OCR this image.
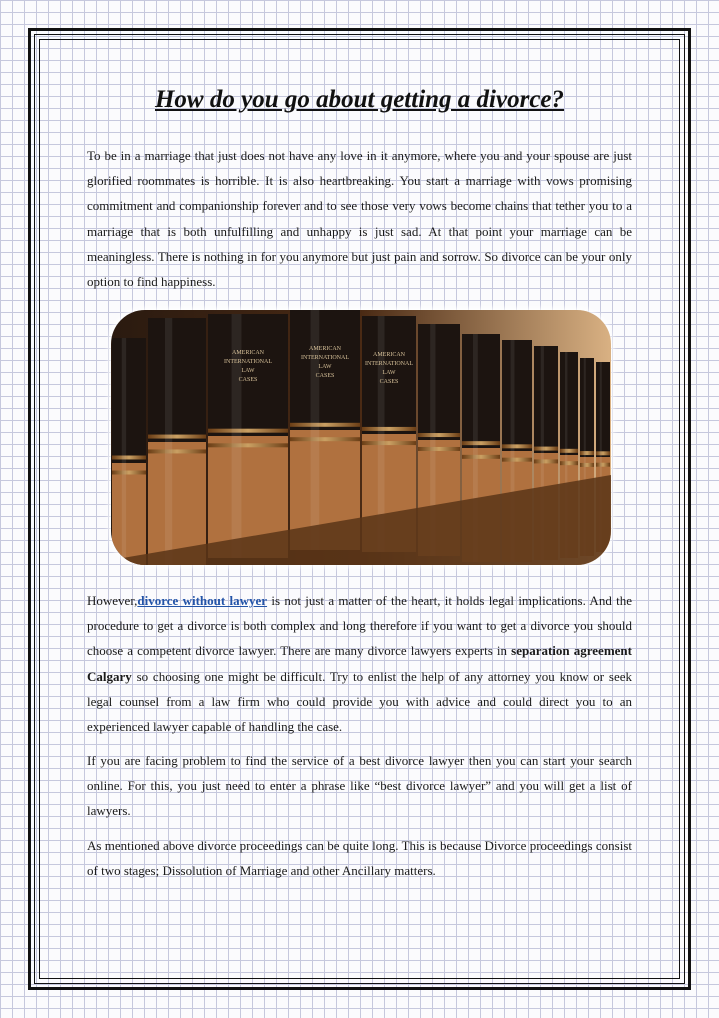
How do you go about getting a divorce?

To be in a marriage that just does not have any love in it anymore, where you and your spouse are just glorified roommates is horrible. It is also heartbreaking. You start a marriage with vows promising commitment and companionship forever and to see those very vows become chains that tether you to a marriage that is both unfulfilling and unhappy is just sad. At that point your marriage can be meaningless. There is nothing in for you anymore but just pain and sorrow. So divorce can be your only option to find happiness.

AMERICAN
INTERNATIONAL
LAW
CASES
AMERICAN
INTERNATIONAL
LAW
CASES
AMERICAN
INTERNATIONAL
LAW
CASES

However,divorce without lawyer is not just a matter of the heart, it holds legal implications. And the procedure to get a divorce is both complex and long therefore if you want to get a divorce you should choose a competent divorce lawyer. There are many divorce lawyers experts in separation agreement Calgary so choosing one might be difficult. Try to enlist the help of any attorney you know or seek legal counsel from a law firm who could provide you with advice and could direct you to an experienced lawyer capable of handling the case.

If you are facing problem to find the service of a best divorce lawyer then you can start your search online. For this, you just need to enter a phrase like “best divorce lawyer” and you will get a list of lawyers.

As mentioned above divorce proceedings can be quite long. This is because Divorce proceedings consist of two stages; Dissolution of Marriage and other Ancillary matters.
